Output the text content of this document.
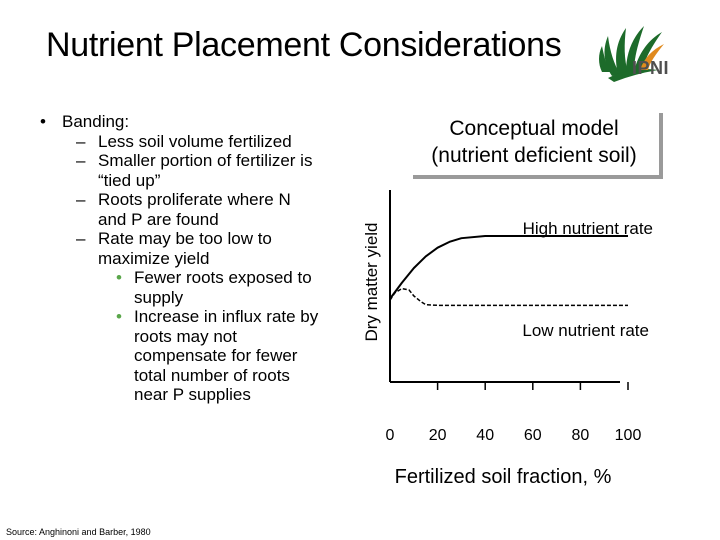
Nutrient Placement Considerations
IPNI
• Banding:
– Less soil volume fertilized
– Smaller portion of fertilizer is “tied up”
– Roots proliferate where N and P are found
– Rate may be too low to maximize yield
• Fewer roots exposed to supply
• Increase in influx rate by roots may not compensate for fewer total number of roots near P supplies
Source: Anghinoni and Barber, 1980
Conceptual model
(nutrient deficient soil)
Dry matter yield
Fertilized soil fraction, %
0 20 40 60 80 100
High nutrient rate
Low nutrient rate
